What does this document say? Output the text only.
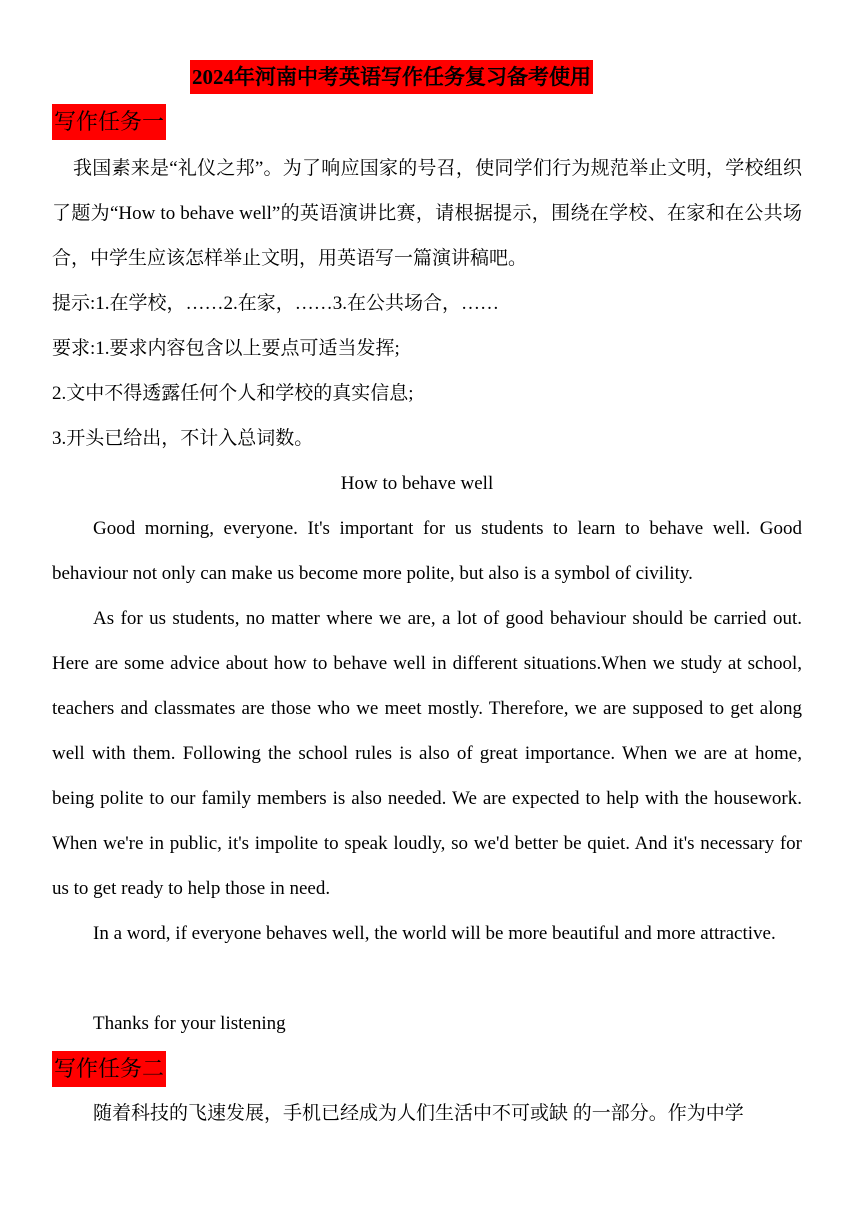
2024年河南中考英语写作任务复习备考使用
写作任务一

我国素来是“礼仪之邦”。为了响应国家的号召，使同学们行为规范举止文明，学校组织了题为“How to behave well”的英语演讲比赛，请根据提示，围绕在学校、在家和在公共场合，中学生应该怎样举止文明，用英语写一篇演讲稿吧。

提示:1.在学校，……2.在家，……3.在公共场合，……

要求:1.要求内容包含以上要点可适当发挥;

2.文中不得透露任何个人和学校的真实信息;

3.开头已给出，不计入总词数。

How to behave well

Good morning, everyone. It's important for us students to learn to behave well. Good behaviour not only can make us become more polite, but also is a symbol of civility.

As for us students, no matter where we are, a lot of good behaviour should be carried out. Here are some advice about how to behave well in different situations.When we study at school, teachers and classmates are those who we meet mostly. Therefore, we are supposed to get along well with them. Following the school rules is also of great importance. When we are at home, being polite to our family members is also needed. We are expected to help with the housework. When we're in public, it's impolite to speak loudly, so we'd better be quiet. And it's necessary for us to get ready to help those in need.

In a word, if everyone behaves well, the world will be more beautiful and more attractive.

Thanks for your listening

写作任务二

随着科技的飞速发展，手机已经成为人们生活中不可或缺 的一部分。作为中学
